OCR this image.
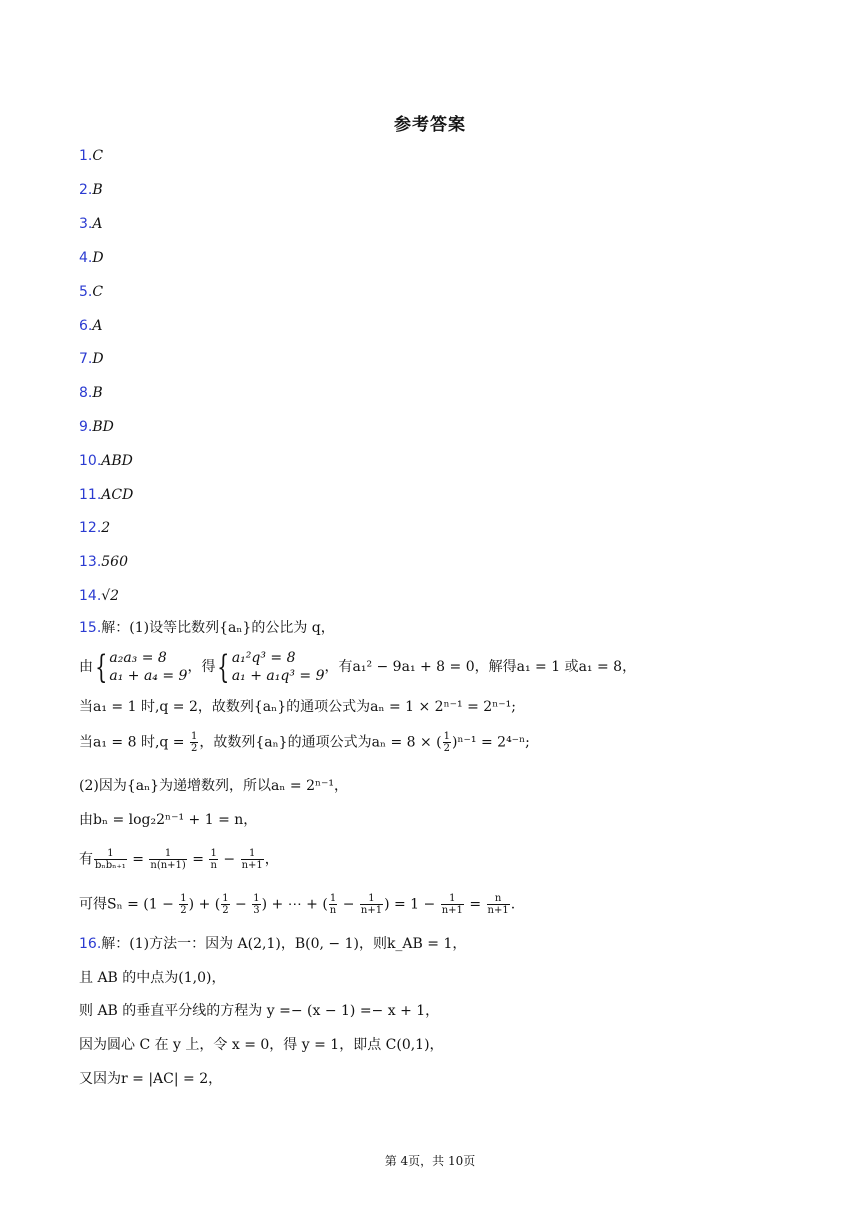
参考答案
1.C
2.B
3.A
4.D
5.C
6.A
7.D
8.B
9.BD
10.ABD
11.ACD
12.2
13.560
14.√2
15.解：(1)设等比数列{aₙ}的公比为 q，
由{ a₂a₃ = 8
a₁ + a₄ = 9
，得{ a₁²q³ = 8
a₁ + a₁q³ = 9
，有a₁² − 9a₁ + 8 = 0，解得a₁ = 1 或a₁ = 8，
当a₁ = 1 时,q = 2，故数列{aₙ}的通项公式为aₙ = 1 × 2ⁿ⁻¹ = 2ⁿ⁻¹;
当a₁ = 8 时$,q = \frac{1}{2}$ ，故数列{aₙ}的通项公式为aₙ = 8 × ( $\frac{1}{2} )^{n-1} = 2^{4-n}$;
(2)因为{aₙ}为递增数列，所以aₙ = 2ⁿ⁻¹，
由bₙ = log₂2ⁿ⁻¹ + 1 = n，
有 $\frac{1}{\text{bₙbₙ₊₁}} = \frac{1}{n(n+1)} = \frac{1}{n} - \frac{1}{n+1}$ ，
可得$S_n = (1 - \frac{1}{2}$ ) + ( $\frac{1}{2} - \frac{1}{3}$ ) + ⋯ + ( $\frac{1}{n} - \frac{1}{n+1}$ ) = $1 - \frac{1}{n+1} = \frac{n}{n+1}$ .
16.解：(1)方法一：因为 A(2,1)，B(0, − 1)，则k_AB = 1，
且 AB 的中点为(1,0)，
则 AB 的垂直平分线的方程为 y =− (x − 1) =− x + 1，
因为圆心 C 在 y 上，令 x = 0，得 y = 1，即点 C(0,1)，
又因为r = |AC| = 2，
第 4页，共 10页
